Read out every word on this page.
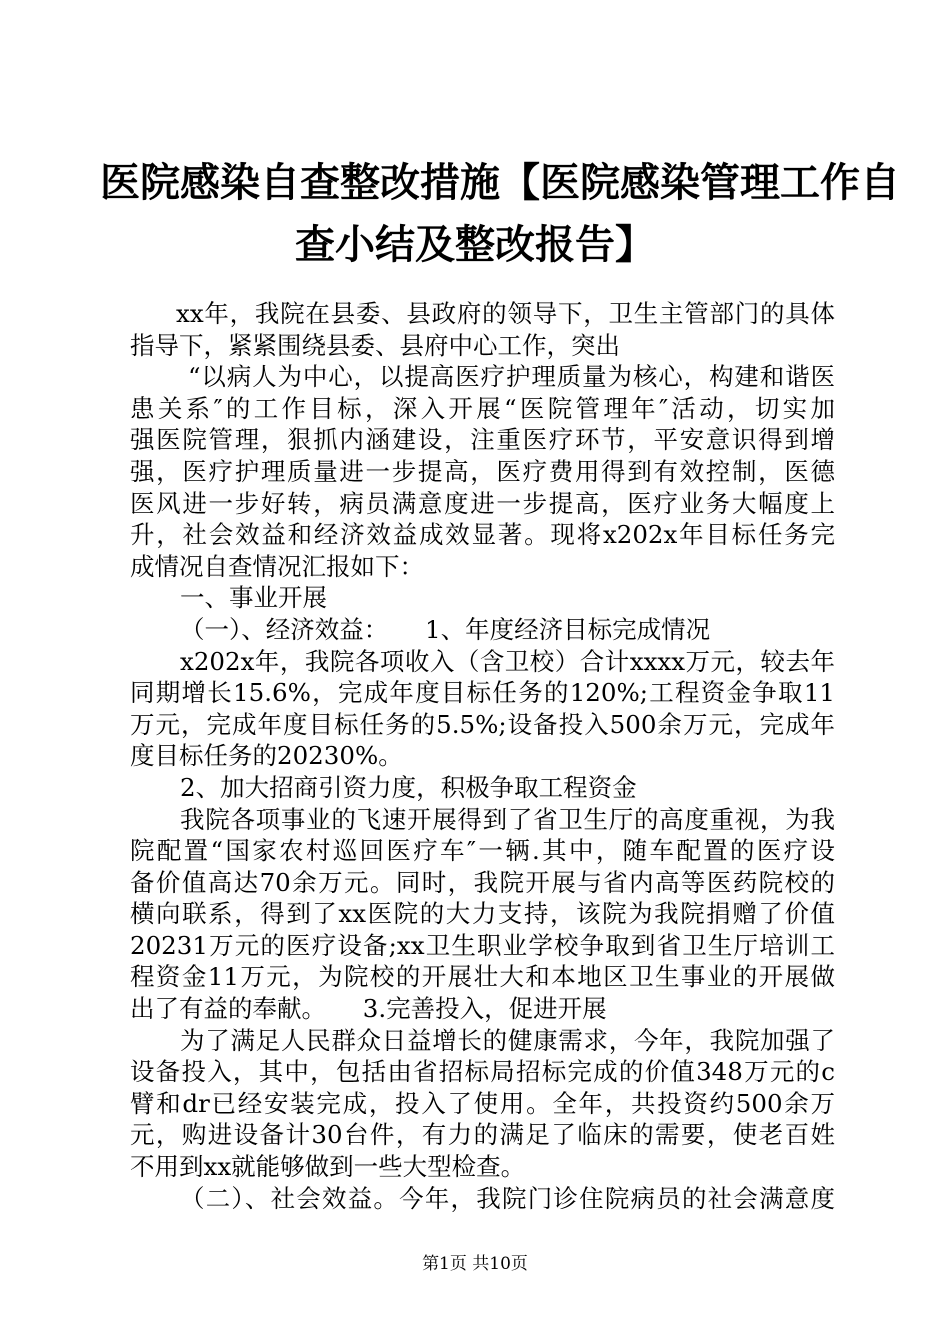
医院感染自查整改措施【医院感染管理工作自
查小结及整改报告】
xx年，我院在县委、县政府的领导下，卫生主管部门的具体
指导下，紧紧围绕县委、县府中心工作，突出
“以病人为中心，以提高医疗护理质量为核心，构建和谐医
患关系″的工作目标，深入开展“医院管理年″活动，切实加
强医院管理，狠抓内涵建设，注重医疗环节，平安意识得到增
强，医疗护理质量进一步提高，医疗费用得到有效控制，医德
医风进一步好转，病员满意度进一步提高，医疗业务大幅度上
升，社会效益和经济效益成效显著。现将x202x年目标任务完
成情况自查情况汇报如下：
一、事业开展
（一）、经济效益：　　1、年度经济目标完成情况
x202x年，我院各项收入（含卫校）合计xxxx万元，较去年
同期增长15.6%，完成年度目标任务的120%;工程资金争取11
万元，完成年度目标任务的5.5%;设备投入500余万元，完成年
度目标任务的20230%。
2、加大招商引资力度，积极争取工程资金
我院各项事业的飞速开展得到了省卫生厅的高度重视，为我
院配置“国家农村巡回医疗车″一辆.其中，随车配置的医疗设
备价值高达70余万元。同时，我院开展与省内高等医药院校的
横向联系，得到了xx医院的大力支持，该院为我院捐赠了价值
20231万元的医疗设备;xx卫生职业学校争取到省卫生厅培训工
程资金11万元，为院校的开展壮大和本地区卫生事业的开展做
出了有益的奉献。　　3.完善投入，促进开展
为了满足人民群众日益增长的健康需求，今年，我院加强了
设备投入，其中，包括由省招标局招标完成的价值348万元的c
臂和dr已经安装完成，投入了使用。全年，共投资约500余万
元，购进设备计30台件，有力的满足了临床的需要，使老百姓
不用到xx就能够做到一些大型检查。
（二）、社会效益。今年，我院门诊住院病员的社会满意度
第1页 共10页
